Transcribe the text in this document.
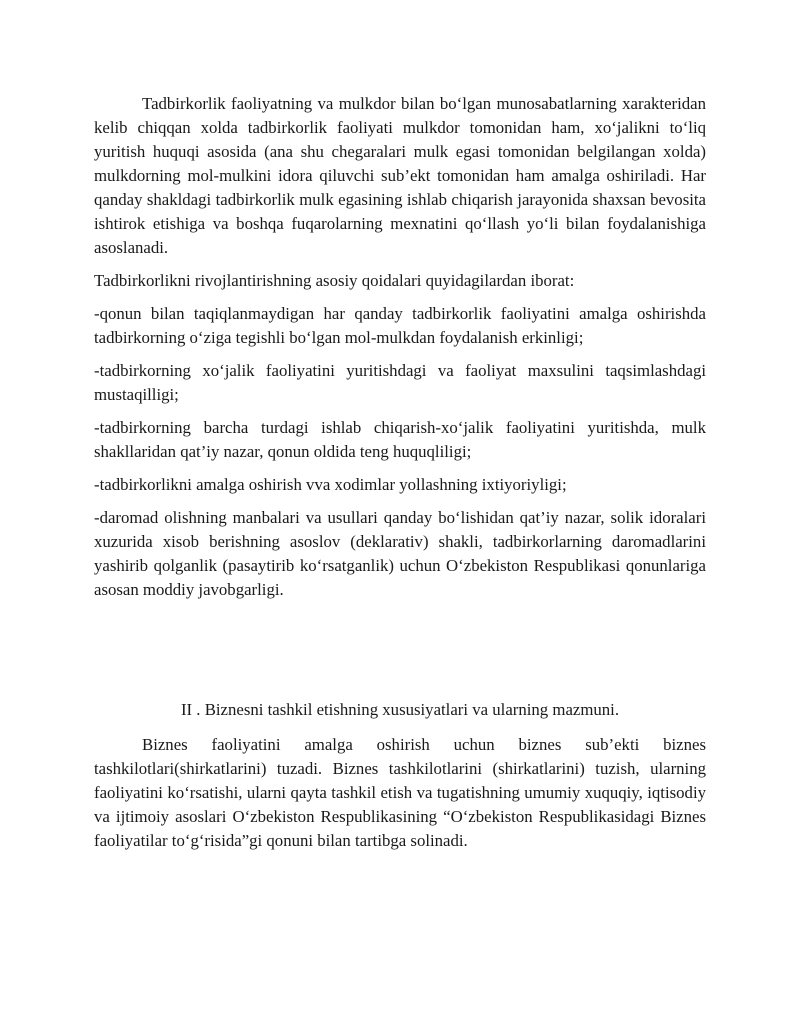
Tadbirkorlik faoliyatning va mulkdor bilan bo‘lgan munosabatlarning xarakteridan kelib chiqqan xolda tadbirkorlik faoliyati mulkdor tomonidan ham, xo‘jalikni to‘liq yuritish huquqi asosida (ana shu chegaralari mulk egasi tomonidan belgilangan xolda) mulkdorning mol-mulkini idora qiluvchi sub’ekt tomonidan ham amalga oshiriladi. Har qanday shakldagi tadbirkorlik mulk egasining ishlab chiqarish jarayonida shaxsan bevosita ishtirok etishiga va boshqa fuqarolarning mexnatini qo‘llash yo‘li bilan foydalanishiga asoslanadi.

Tadbirkorlikni rivojlantirishning asosiy qoidalari quyidagilardan iborat:

-qonun bilan taqiqlanmaydigan har qanday tadbirkorlik faoliyatini amalga oshirishda tadbirkorning o‘ziga tegishli bo‘lgan mol-mulkdan foydalanish erkinligi;

-tadbirkorning xo‘jalik faoliyatini yuritishdagi va faoliyat maxsulini taqsimlashdagi mustaqilligi;

-tadbirkorning barcha turdagi ishlab chiqarish-xo‘jalik faoliyatini yuritishda, mulk shakllaridan qat’iy nazar, qonun oldida teng huquqliligi;

-tadbirkorlikni amalga oshirish vva xodimlar yollashning ixtiyoriyligi;

-daromad olishning manbalari va usullari qanday bo‘lishidan qat’iy nazar, solik idoralari xuzurida xisob berishning asoslov (deklarativ) shakli, tadbirkorlarning daromadlarini yashirib qolganlik (pasaytirib ko‘rsatganlik) uchun O‘zbekiston Respublikasi qonunlariga asosan moddiy javobgarligi.

II . Biznesni tashkil etishning xususiyatlari va ularning mazmuni.

Biznes faoliyatini amalga oshirish uchun biznes sub’ekti biznes tashkilotlari(shirkatlarini) tuzadi. Biznes tashkilotlarini (shirkatlarini) tuzish, ularning faoliyatini ko‘rsatishi, ularni qayta tashkil etish va tugatishning umumiy xuquqiy, iqtisodiy va ijtimoiy asoslari O‘zbekiston Respublikasining “O‘zbekiston Respublikasidagi Biznes faoliyatilar to‘g‘risida”gi qonuni bilan tartibga solinadi.
